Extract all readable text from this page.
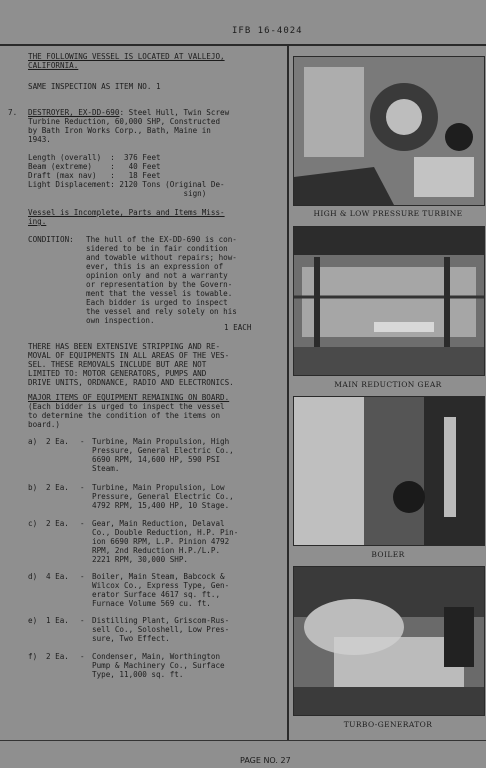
IFB 16-4024
THE FOLLOWING VESSEL IS LOCATED AT VALLEJO,
CALIFORNIA.
SAME INSPECTION AS ITEM NO. 1
7. DESTROYER, EX-DD-690: Steel Hull, Twin Screw
Turbine Reduction, 60,000 SHP, Constructed
by Bath Iron Works Corp., Bath, Maine in
1943.
Length (overall)  :  376 Feet
Beam (extreme)    :   40 Feet
Draft (max nav)   :   18 Feet
Light Displacement: 2120 Tons (Original De-
sign)
Vessel is Incomplete, Parts and Items Miss-
ing.
CONDITION: The hull of the EX-DD-690 is con-
sidered to be in fair condition
and towable without repairs; how-
ever, this is an expression of
opinion only and not a warranty
or representation by the Govern-
ment that the vessel is towable.
Each bidder is urged to inspect
the vessel and rely solely on his
own inspection.
1 EACH
THERE HAS BEEN EXTENSIVE STRIPPING AND RE-
MOVAL OF EQUIPMENTS IN ALL AREAS OF THE VES-
SEL. THESE REMOVALS INCLUDE BUT ARE NOT
LIMITED TO: MOTOR GENERATORS, PUMPS AND
DRIVE UNITS, ORDNANCE, RADIO AND ELECTRONICS.
MAJOR ITEMS OF EQUIPMENT REMAINING ON BOARD.
(Each bidder is urged to inspect the vessel
to determine the condition of the items on
board.)
a) 2 Ea. - Turbine, Main Propulsion, High
Pressure, General Electric Co.,
6690 RPM, 14,600 HP, 590 PSI
Steam.
b) 2 Ea. - Turbine, Main Propulsion, Low
Pressure, General Electric Co.,
4792 RPM, 15,400 HP, 10 Stage.
c) 2 Ea. - Gear, Main Reduction, Delaval
Co., Double Reduction, H.P. Pin-
ion 6690 RPM, L.P. Pinion 4792
RPM, 2nd Reduction H.P./L.P.
2221 RPM, 30,000 SHP.
d) 4 Ea. - Boiler, Main Steam, Babcock &
Wilcox Co., Express Type, Gen-
erator Surface 4617 sq. ft.,
Furnace Volume 569 cu. ft.
e) 1 Ea. - Distilling Plant, Griscom-Rus-
sell Co., Soloshell, Low Pres-
sure, Two Effect.
f) 2 Ea. - Condenser, Main, Worthington
Pump & Machinery Co., Surface
Type, 11,000 sq. ft.
HIGH & LOW PRESSURE TURBINE
MAIN REDUCTION GEAR
BOILER
TURBO-GENERATOR
PAGE NO. 27
